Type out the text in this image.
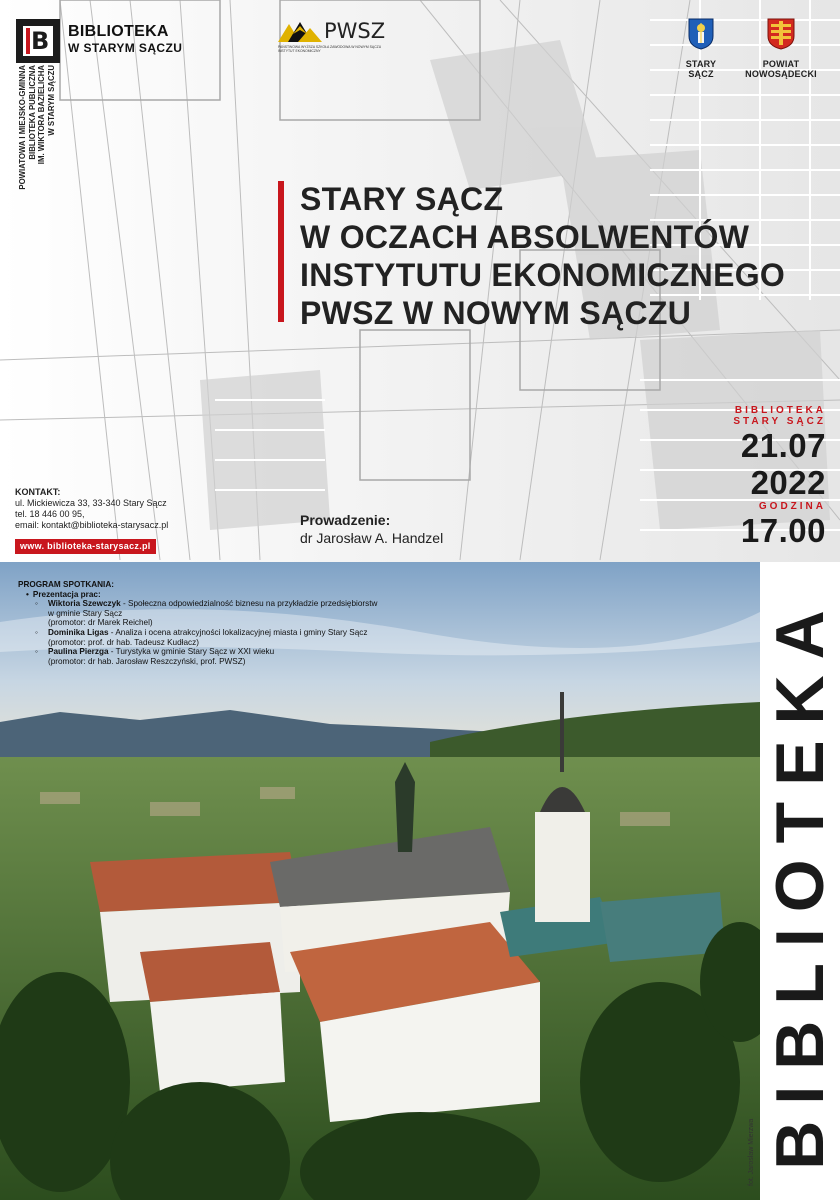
B BIBLIOTEKA
W STARYM SĄCZU
POWIATOWA I MIEJSKO-GMINNA BIBLIOTEKA PUBLICZNA IM. WIKTORA BAZIELICHA W STARYM SĄCZU
PWSZ
PAŃSTWOWA WYŻSZA SZKOŁA ZAWODOWA W NOWYM SĄCZU
INSTYTUT EKONOMICZNY
STARY SĄCZ
POWIAT NOWOSĄDECKI
STARY SĄCZ
W OCZACH ABSOLWENTÓW
INSTYTUTU EKONOMICZNEGO
PWSZ W NOWYM SĄCZU
BIBLIOTEKA
STARY SĄCZ
21.07
2022
GODZINA
17.00
KONTAKT:
ul. Mickiewicza 33, 33-340 Stary Sącz
tel. 18 446 00 95,
email: kontakt@biblioteka-starysacz.pl
www. biblioteka-starysacz.pl
Prowadzenie:
dr Jarosław A. Handzel
PROGRAM SPOTKANIA:
• Prezentacja prac:
◦ Wiktoria Szewczyk - Społeczna odpowiedzialność biznesu na przykładzie przedsiębiorstw
w gminie Stary Sącz
(promotor: dr Marek Reichel)
◦ Dominika Ligas - Analiza i ocena atrakcyjności lokalizacyjnej miasta i gminy Stary Sącz
(promotor: prof. dr hab. Tadeusz Kudłacz)
◦ Paulina Pierzga - Turystyka w gminie Stary Sącz w XXI wieku
(promotor: dr hab. Jarosław Reszczyński, prof. PWSZ)	BIBLIOTEKA
fot. Jarosław Mierzwa
